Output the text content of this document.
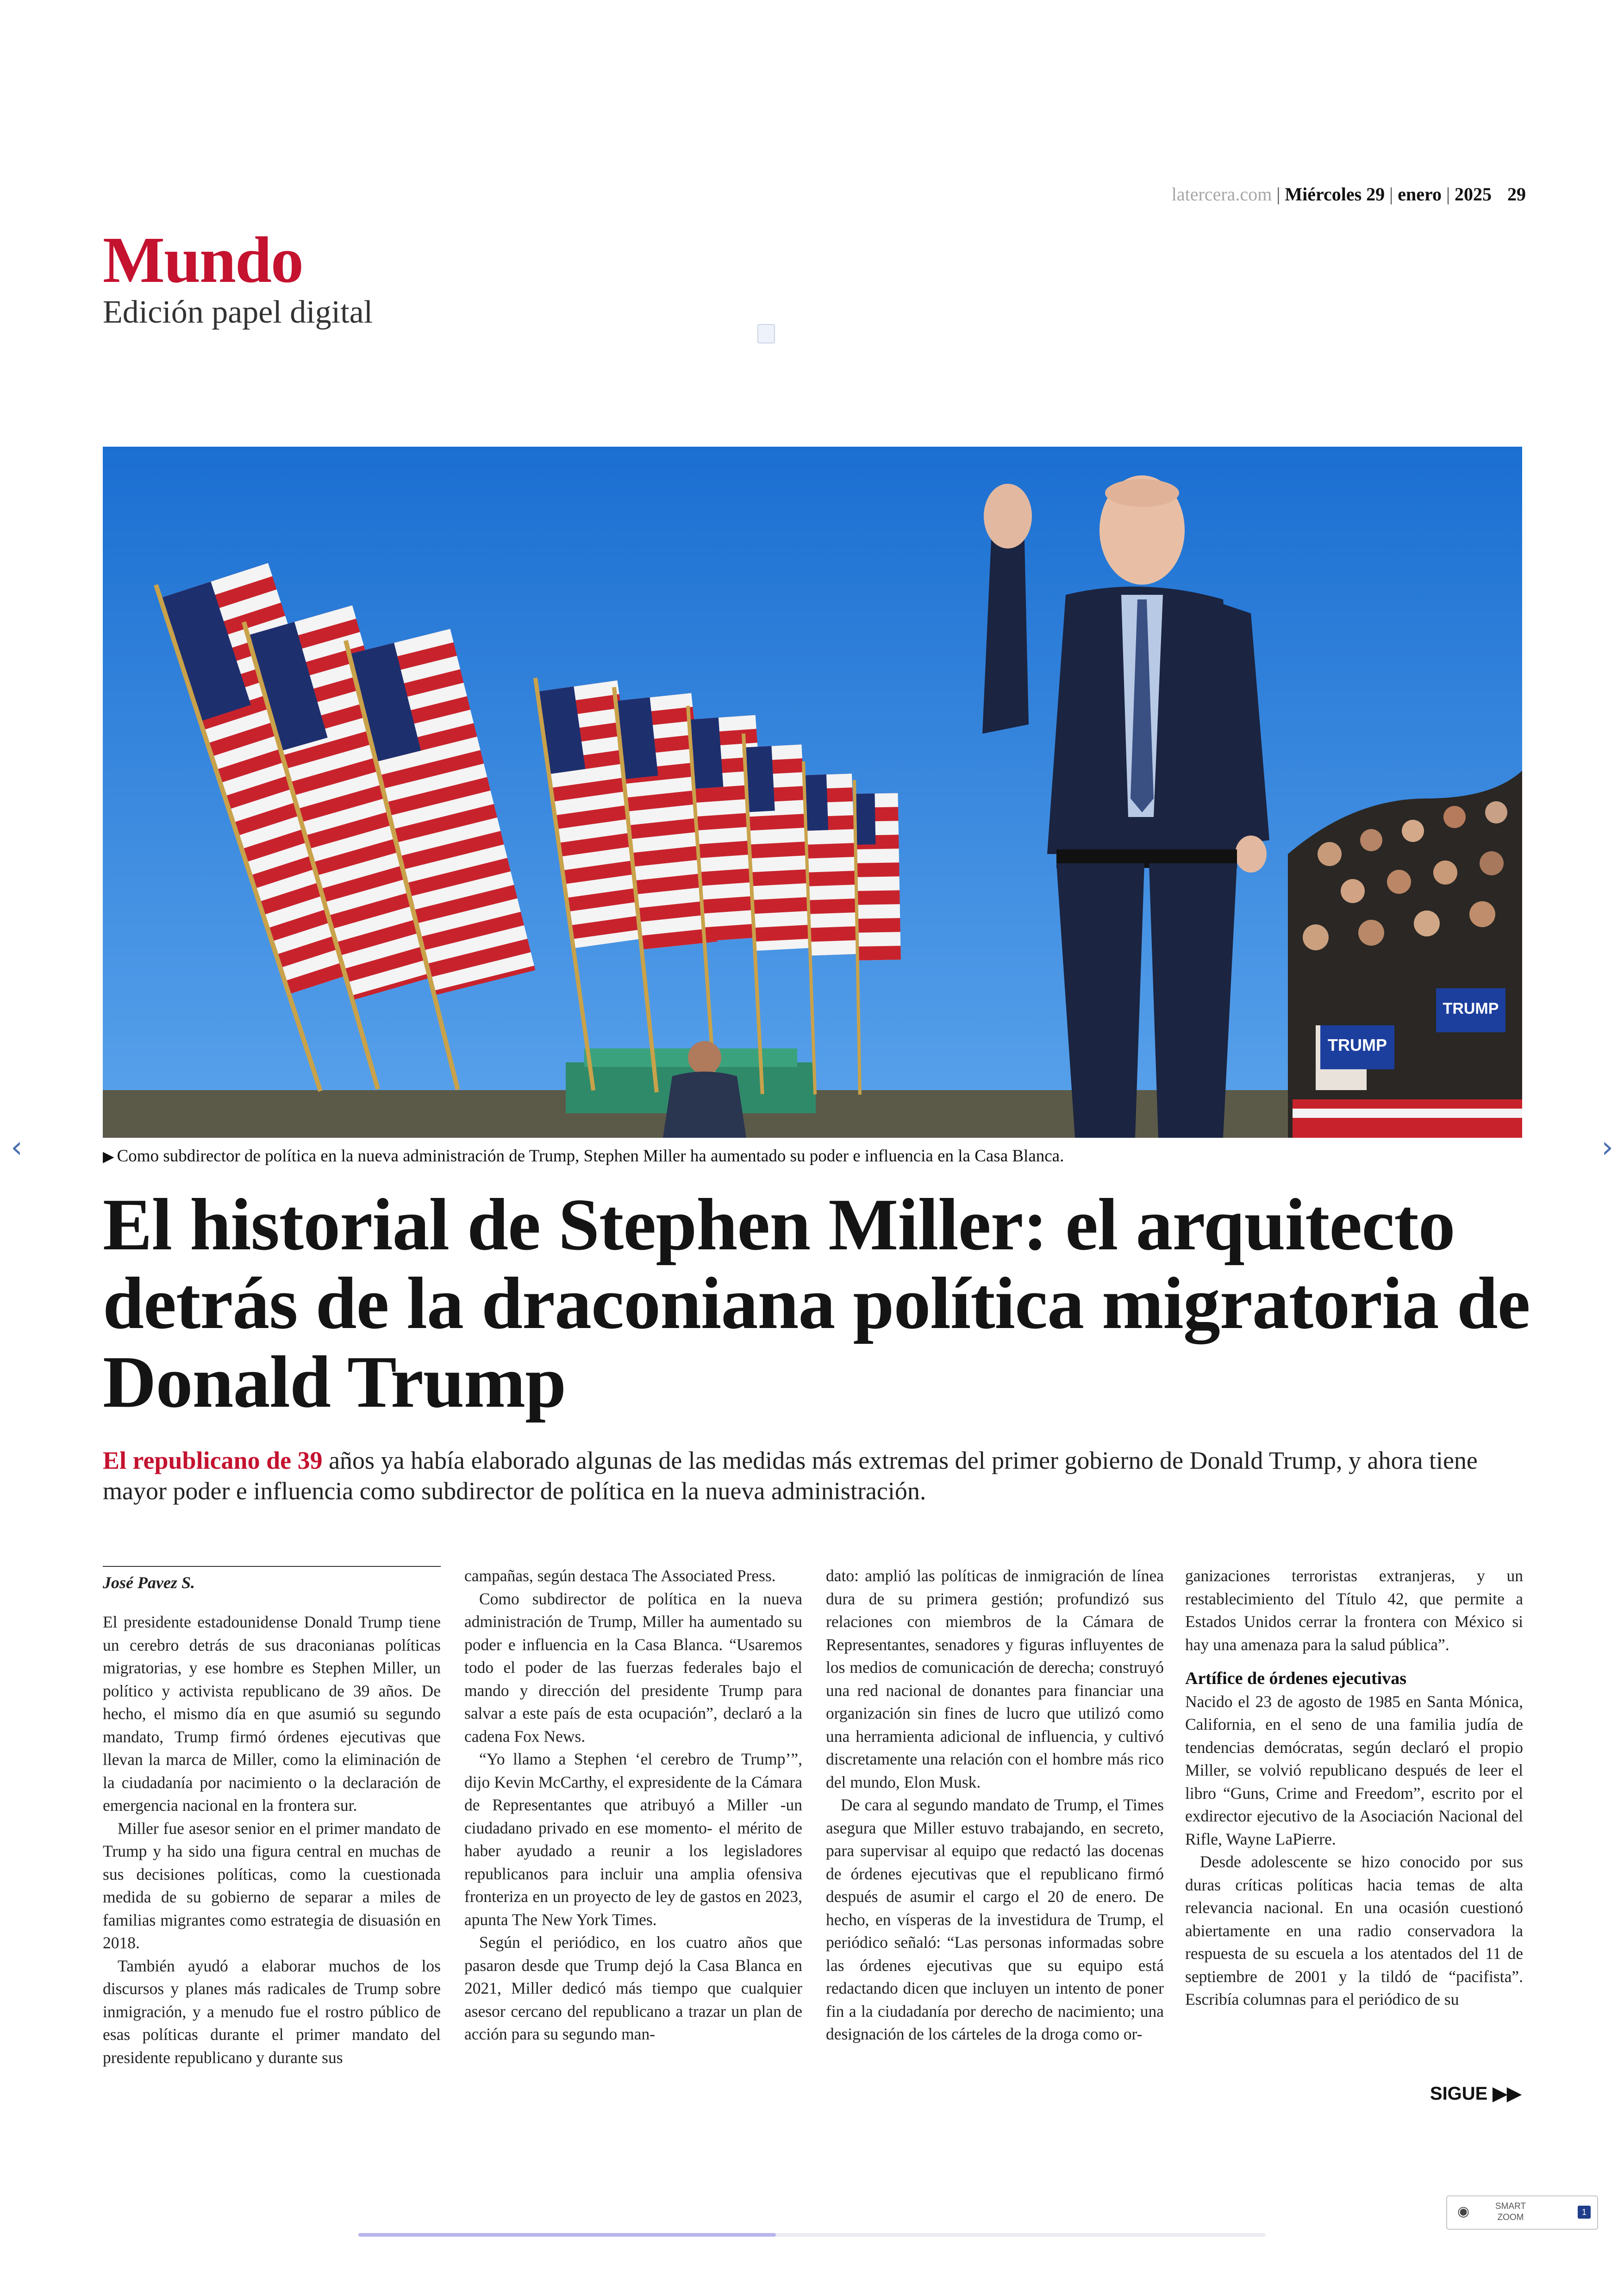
latercera.com | Miércoles 29 | enero | 2025 29
Mundo
Edición papel digital
TRUMP
TRUMP
▶ Como subdirector de política en la nueva administración de Trump, Stephen Miller ha aumentado su poder e influencia en la Casa Blanca.
‹	›
El historial de Stephen Miller: el arquitecto detrás de la draconiana política migratoria de Donald Trump
El republicano de 39 años ya había elaborado algunas de las medidas más extremas del primer gobierno de Donald Trump, y ahora tiene mayor poder e influencia como subdirector de política en la nueva administración.
José Pavez S.

El presidente estadounidense Donald Trump tiene un cerebro detrás de sus draconianas políticas migratorias, y ese hombre es Stephen Miller, un político y activista republicano de 39 años. De hecho, el mismo día en que asumió su segundo mandato, Trump firmó órdenes ejecutivas que llevan la marca de Miller, como la eliminación de la ciudadanía por nacimiento o la declaración de emergencia nacional en la frontera sur.

Miller fue asesor senior en el primer mandato de Trump y ha sido una figura central en muchas de sus decisiones políticas, como la cuestionada medida de su gobierno de separar a miles de familias migrantes como estrategia de disuasión en 2018.

También ayudó a elaborar muchos de los discursos y planes más radicales de Trump sobre inmigración, y a menudo fue el rostro público de esas políticas durante el primer mandato del presidente republicano y durante sus

campañas, según destaca The Associated Press.

Como subdirector de política en la nueva administración de Trump, Miller ha aumentado su poder e influencia en la Casa Blanca. “Usaremos todo el poder de las fuerzas federales bajo el mando y dirección del presidente Trump para salvar a este país de esta ocupación”, declaró a la cadena Fox News.

“Yo llamo a Stephen ‘el cerebro de Trump’”, dijo Kevin McCarthy, el expresidente de la Cámara de Representantes que atribuyó a Miller -un ciudadano privado en ese momento- el mérito de haber ayudado a reunir a los legisladores republicanos para incluir una amplia ofensiva fronteriza en un proyecto de ley de gastos en 2023, apunta The New York Times.

Según el periódico, en los cuatro años que pasaron desde que Trump dejó la Casa Blanca en 2021, Miller dedicó más tiempo que cualquier asesor cercano del republicano a trazar un plan de acción para su segundo man-

dato: amplió las políticas de inmigración de línea dura de su primera gestión; profundizó sus relaciones con miembros de la Cámara de Representantes, senadores y figuras influyentes de los medios de comunicación de derecha; construyó una red nacional de donantes para financiar una organización sin fines de lucro que utilizó como una herramienta adicional de influencia, y cultivó discretamente una relación con el hombre más rico del mundo, Elon Musk.

De cara al segundo mandato de Trump, el Times asegura que Miller estuvo trabajando, en secreto, para supervisar al equipo que redactó las docenas de órdenes ejecutivas que el republicano firmó después de asumir el cargo el 20 de enero. De hecho, en vísperas de la investidura de Trump, el periódico señaló: “Las personas informadas sobre las órdenes ejecutivas que su equipo está redactando dicen que incluyen un intento de poner fin a la ciudadanía por derecho de nacimiento; una designación de los cárteles de la droga como or-

ganizaciones terroristas extranjeras, y un restablecimiento del Título 42, que permite a Estados Unidos cerrar la frontera con México si hay una amenaza para la salud pública”.

Artífice de órdenes ejecutivas

Nacido el 23 de agosto de 1985 en Santa Mónica, California, en el seno de una familia judía de tendencias demócratas, según declaró el propio Miller, se volvió republicano después de leer el libro “Guns, Crime and Freedom”, escrito por el exdirector ejecutivo de la Asociación Nacional del Rifle, Wayne LaPierre.

Desde adolescente se hizo conocido por sus duras críticas políticas hacia temas de alta relevancia nacional. En una ocasión cuestionó abiertamente en una radio conservadora la respuesta de su escuela a los atentados del 11 de septiembre de 2001 y la tildó de “pacifista”. Escribía columnas para el periódico de su

SIGUE ▶▶
◉	SMART
ZOOM
1
